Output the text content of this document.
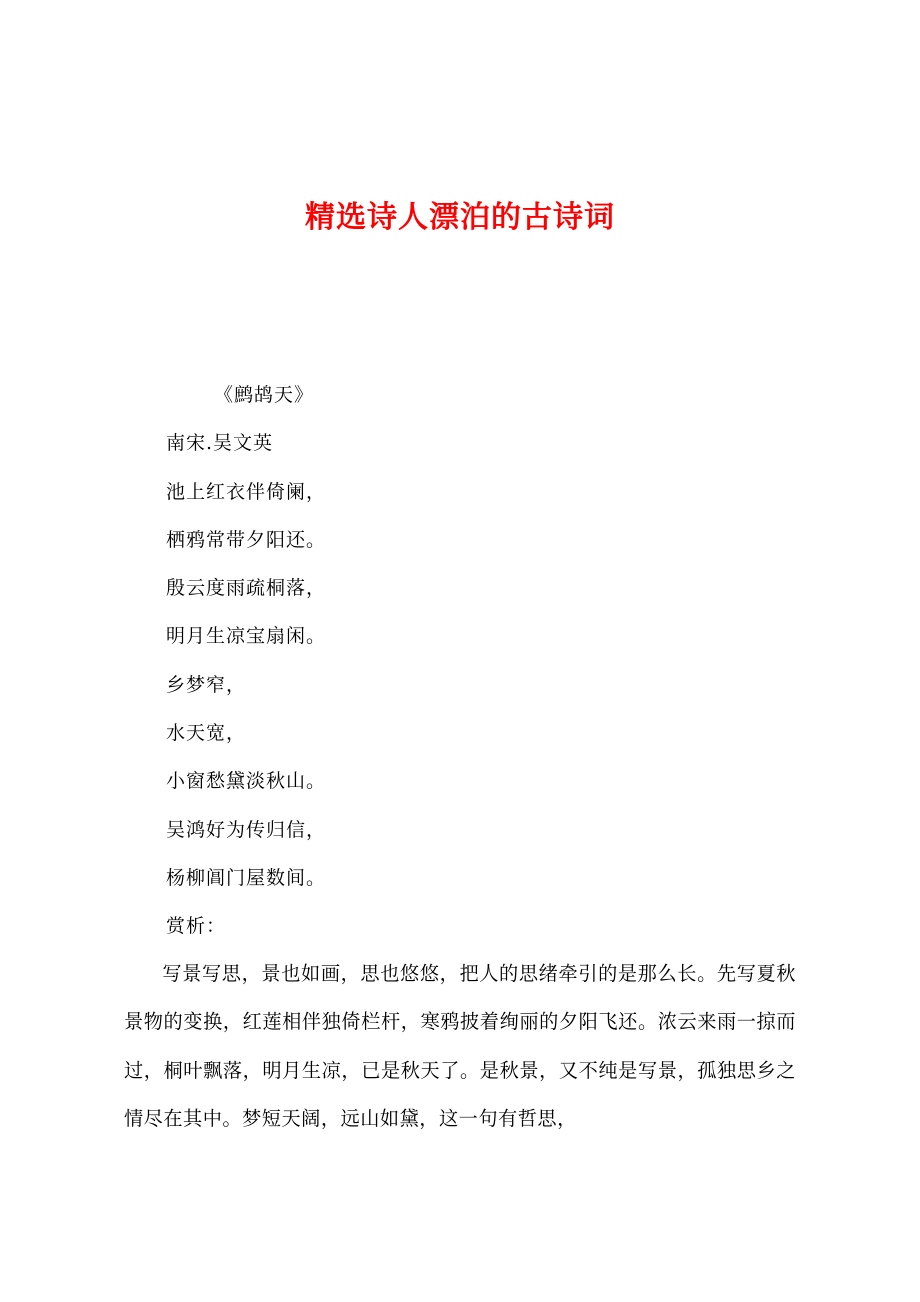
精选诗人漂泊的古诗词
《鹧鸪天》
南宋.吴文英
池上红衣伴倚阑，
栖鸦常带夕阳还。
殷云度雨疏桐落，
明月生凉宝扇闲。
乡梦窄，
水天宽，
小窗愁黛淡秋山。
吴鸿好为传归信，
杨柳阊门屋数间。
赏析：

写景写思，景也如画，思也悠悠，把人的思绪牵引的是那么长。先写夏秋景物的变换，红莲相伴独倚栏杆，寒鸦披着绚丽的夕阳飞还。浓云来雨一掠而过，桐叶飘落，明月生凉，已是秋天了。是秋景，又不纯是写景，孤独思乡之情尽在其中。梦短天阔，远山如黛，这一句有哲思，
